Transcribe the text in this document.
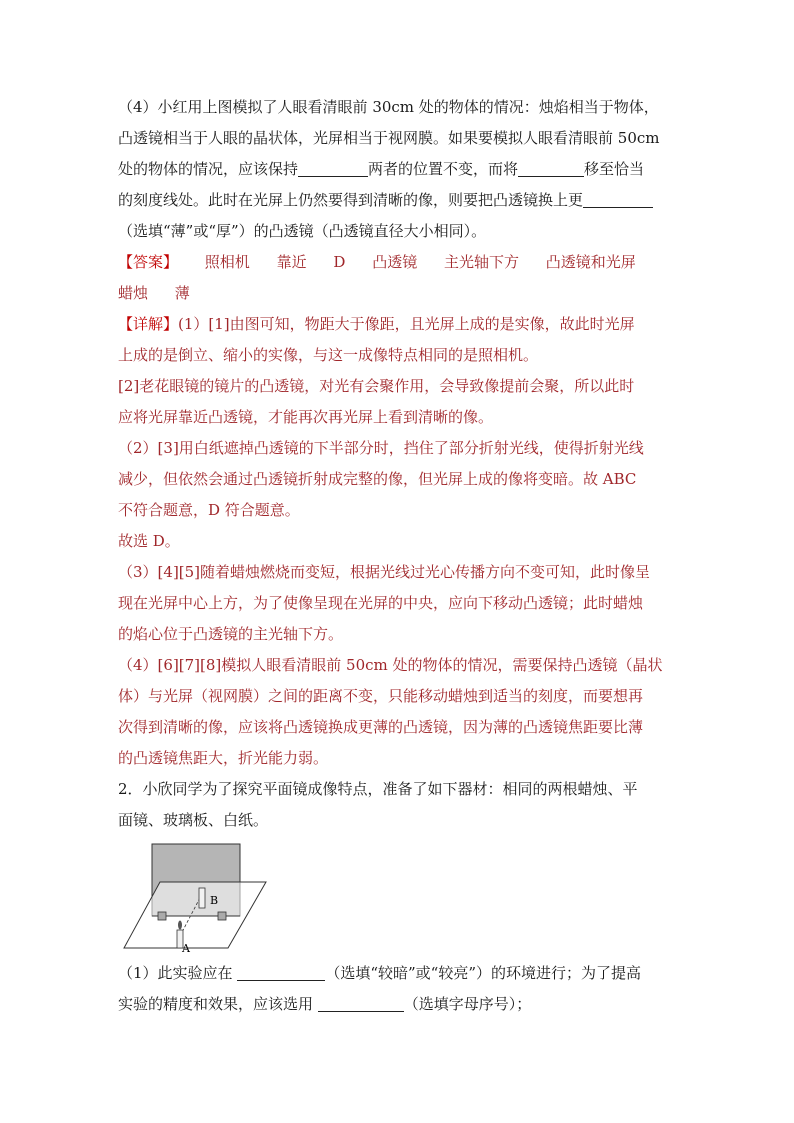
（4）小红用上图模拟了人眼看清眼前 30cm 处的物体的情况：烛焰相当于物体，
凸透镜相当于人眼的晶状体，光屏相当于视网膜。如果要模拟人眼看清眼前 50cm
处的物体的情况，应该保持	两者的位置不变，而将	移至恰当
的刻度线处。此时在光屏上仍然要得到清晰的像，则要把凸透镜换上更
（选填“薄”或“厚”）的凸透镜（凸透镜直径大小相同）。
【答案】 照相机 靠近 D 凸透镜 主光轴下方 凸透镜和光屏
蜡烛 薄
【详解】(1）[1]由图可知，物距大于像距，且光屏上成的是实像，故此时光屏
上成的是倒立、缩小的实像，与这一成像特点相同的是照相机。
[2]老花眼镜的镜片的凸透镜，对光有会聚作用，会导致像提前会聚，所以此时
应将光屏靠近凸透镜，才能再次再光屏上看到清晰的像。
（2）[3]用白纸遮掉凸透镜的下半部分时，挡住了部分折射光线，使得折射光线
减少，但依然会通过凸透镜折射成完整的像，但光屏上成的像将变暗。故 ABC
不符合题意，D 符合题意。
故选 D。
（3）[4][5]随着蜡烛燃烧而变短，根据光线过光心传播方向不变可知，此时像呈
现在光屏中心上方，为了使像呈现在光屏的中央，应向下移动凸透镜；此时蜡烛
的焰心位于凸透镜的主光轴下方。
（4）[6][7][8]模拟人眼看清眼前 50cm 处的物体的情况，需要保持凸透镜（晶状
体）与光屏（视网膜）之间的距离不变，只能移动蜡烛到适当的刻度，而要想再
次得到清晰的像，应该将凸透镜换成更薄的凸透镜，因为薄的凸透镜焦距要比薄
的凸透镜焦距大，折光能力弱。
2．小欣同学为了探究平面镜成像特点，准备了如下器材：相同的两根蜡烛、平
面镜、玻璃板、白纸。
B
A
（1）此实验应在	（选填“较暗”或“较亮”）的环境进行；为了提高
实验的精度和效果，应该选用	（选填字母序号）；
